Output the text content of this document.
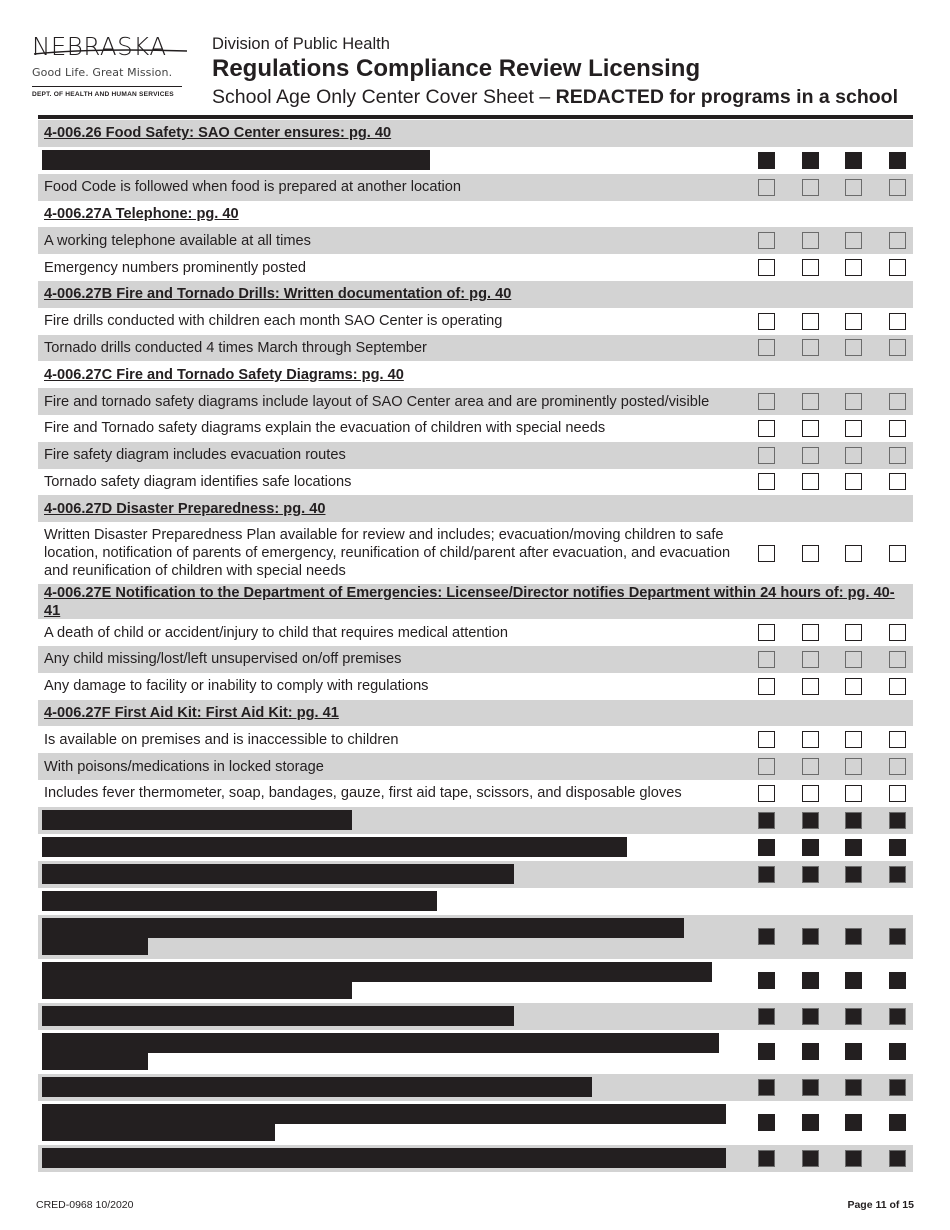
NEBRASKA
Good Life. Great Mission.
DEPT. OF HEALTH AND HUMAN SERVICES
Division of Public Health
Regulations Compliance Review Licensing
School Age Only Center Cover Sheet – REDACTED for programs in a school
4-006.26 Food Safety: SAO Center ensures: pg. 40
Food Code is followed when food is prepared at another location
4-006.27A Telephone: pg. 40
A working telephone available at all times
Emergency numbers prominently posted
4-006.27B Fire and Tornado Drills: Written documentation of: pg. 40
Fire drills conducted with children each month SAO Center is operating
Tornado drills conducted 4 times March through September
4-006.27C Fire and Tornado Safety Diagrams: pg. 40
Fire and tornado safety diagrams include layout of SAO Center area and are prominently posted/visible
Fire and Tornado safety diagrams explain the evacuation of children with special needs
Fire safety diagram includes evacuation routes
Tornado safety diagram identifies safe locations
4-006.27D Disaster Preparedness: pg. 40
Written Disaster Preparedness Plan available for review and includes; evacuation/moving children to safe location, notification of parents of emergency, reunification of child/parent after evacuation, and evacuation and reunification of children with special needs
4-006.27E Notification to the Department of Emergencies: Licensee/Director notifies Department within 24 hours of: pg. 40-41
A death of child or accident/injury to child that requires medical attention
Any child missing/lost/left unsupervised on/off premises
Any damage to facility or inability to comply with regulations
4-006.27F First Aid Kit: First Aid Kit: pg. 41
Is available on premises and is inaccessible to children
With poisons/medications in locked storage
Includes fever thermometer, soap, bandages, gauze, first aid tape, scissors, and disposable gloves
CRED-0968 10/2020	Page 11 of 15
